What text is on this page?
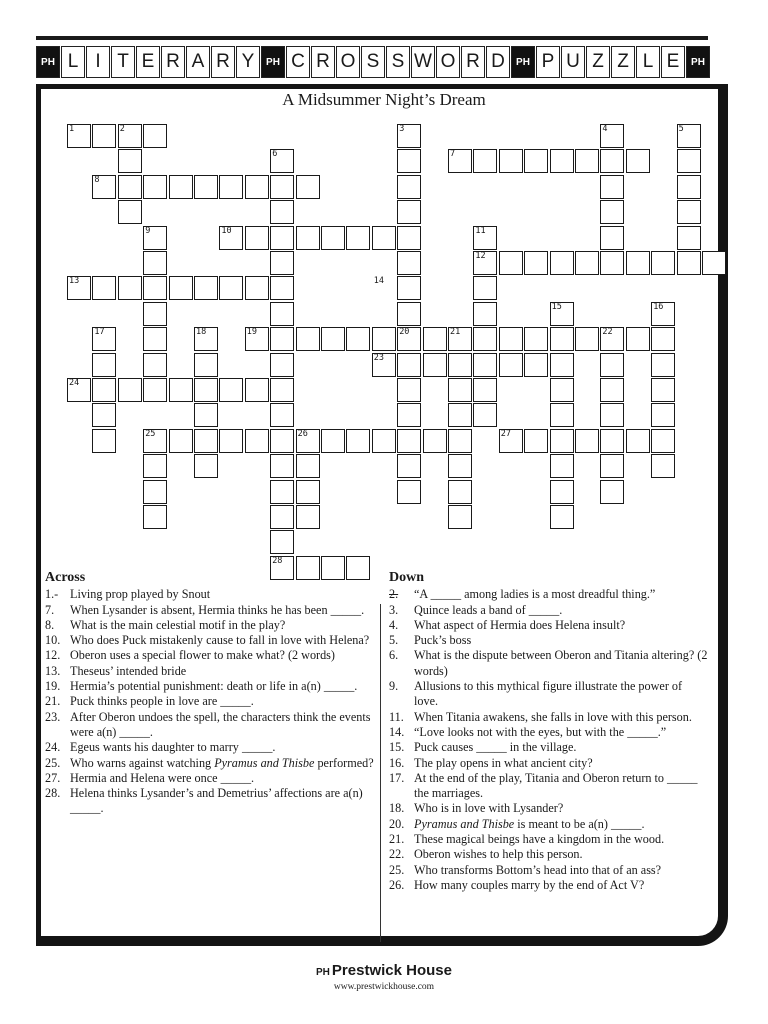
PH L I T E R A R Y	PH C R O S S W O R D	PH P U Z Z L E	PH
A Midsummer Night’s Dream
1	2	3	4	5
6	7
8
9	10	11
12
13	14
15	16
17	18	19	20	21	22
23
24
25	26	27
28
Across
1.- Living prop played by Snout
7.	When Lysander is absent, Hermia thinks he has been _____.
8.	What is the main celestial motif in the play?
10. Who does Puck mistakenly cause to fall in love with Helena?
12. Oberon uses a special flower to make what? (2 words)
13. Theseus’ intended bride
19. Hermia’s potential punishment: death or life in a(n) _____.
21. Puck thinks people in love are _____.
23. After Oberon undoes the spell, the characters think the events were a(n) _____.
24. Egeus wants his daughter to marry _____.
25. Who warns against watching Pyramus and Thisbe performed?
27. Hermia and Helena were once _____.
28. Helena thinks Lysander’s and Demetrius’ affections are a(n) _____.
Down
2.	“A _____ among ladies is a most dreadful thing.”
3.	Quince leads a band of _____.
4.	What aspect of Hermia does Helena insult?
5.	Puck’s boss
6.	What is the dispute between Oberon and Titania altering? (2 words)
9.	Allusions to this mythical figure illustrate the power of love.
11. When Titania awakens, she falls in love with this person.
14. “Love looks not with the eyes, but with the _____.”
15. Puck causes _____ in the village.
16. The play opens in what ancient city?
17. At the end of the play, Titania and Oberon return to _____ the marriages.
18. Who is in love with Lysander?
20. Pyramus and Thisbe is meant to be a(n) _____.
21. These magical beings have a kingdom in the wood.
22. Oberon wishes to help this person.
25. Who transforms Bottom’s head into that of an ass?
26. How many couples marry by the end of Act V?
PH Prestwick House
www.prestwickhouse.com
